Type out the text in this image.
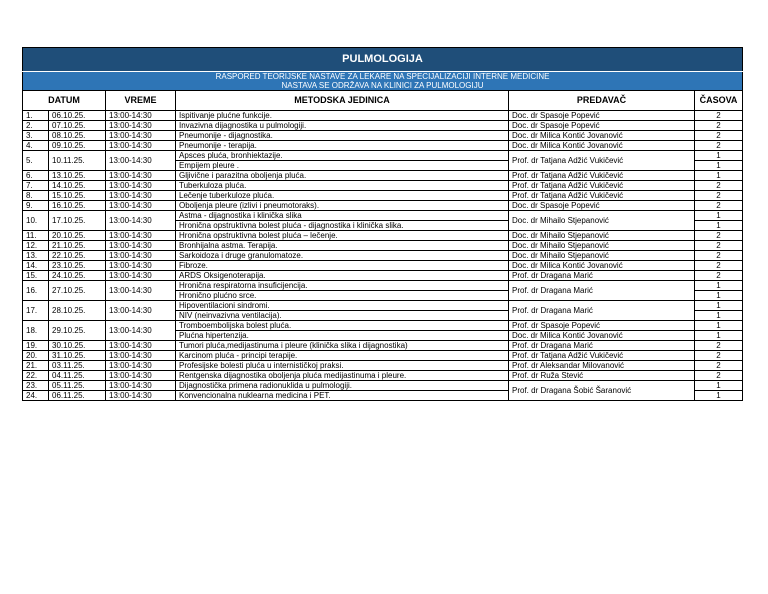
PULMOLOGIJA					
RASPORED TEORIJSKE NASTAVE ZA LEKARE NA SPECIJALIZACIJI INTERNE MEDICINE					
NASTAVA SE ODRŽAVA NA KLINICI ZA PULMOLOGIJU					
DATUM		VREME	METODSKA JEDINICA	PREDAVAČ	ČASOVA
1.	06.10.25.	13:00-14:30	Ispitivanje plućne funkcije.	Doc. dr Spasoje Popević	2
2.	07.10.25.	13:00-14:30	Invazivna dijagnostika u pulmologiji.	Doc. dr Spasoje Popević	2
3.	08.10.25.	13:00-14:30	Pneumonije - dijagnostika.	Doc. dr Milica Kontić Jovanović	2
4.	09.10.25.	13:00-14:30	Pneumonije - terapija.	Doc. dr Milica Kontić Jovanović	2
5.	10.11.25.	13:00-14:30	Apsces pluća, bronhiektazije.	Prof. dr Tatjana Adžić Vukičević	1
			Empijem pleure .		1
6.	13.10.25.	13:00-14:30	Gljivične i parazitna oboljenja pluća.	Prof. dr Tatjana Adžić Vukičević	1
7.	14.10.25.	13:00-14:30	Tuberkuloza pluća.	Prof. dr Tatjana Adžić Vukičević	2
8.	15.10.25.	13:00-14:30	Lečenje tuberkuloze pluća.	Prof. dr Tatjana Adžić Vukičević	2
9.	16.10.25.	13:00-14:30	Oboljenja pleure (izlivi i pneumotoraks).	Doc. dr Spasoje Popević	2
10.	17.10.25.	13:00-14:30	Astma - dijagnostika i klinička slika	Doc. dr Mihailo Stjepanović	1
			Hronična opstruktivna bolest pluća - dijagnostika i klinička slika.		1
11.	20.10.25.	13:00-14:30	Hronična opstruktivna bolest pluća – lečenje.	Doc. dr Mihailo Stjepanović	2
12.	21.10.25.	13:00-14:30	Bronhijalna astma. Terapija.	Doc. dr Mihailo Stjepanović	2
13.	22.10.25.	13:00-14:30	Sarkoidoza i druge granulomatoze.	Doc. dr Mihailo Stjepanović	2
14.	23.10.25.	13:00-14:30	Fibroze.	Doc. dr Milica Kontić Jovanović	2
15.	24.10.25.	13:00-14:30	ARDS Oksigenoterapija.	Prof. dr Dragana Marić	2
16.	27.10.25.	13:00-14:30	Hronična respiratorna insuficijencija.	Prof. dr Dragana Marić	1
			Hronično plućno srce.		1
17.	28.10.25.	13:00-14:30	Hipoventilacioni sindromi.	Prof. dr Dragana Marić	1
			NIV (neinvazivna ventilacija).		1
18.	29.10.25.	13:00-14:30	Tromboembolijska bolest pluća.	Prof. dr Spasoje Popević	1
			Plućna hipertenzija.	Doc. dr Milica Kontić Jovanović	1
19.	30.10.25.	13:00-14:30	Tumori pluća,medijastinuma i pleure (klinička slika i dijagnostika)	Prof. dr Dragana Marić	2
20.	31.10.25.	13:00-14:30	Karcinom pluća - principi terapije.	Prof. dr Tatjana Adžić Vukičević	2
21.	03.11.25.	13:00-14:30	Profesijske bolesti pluća u internističkoj praksi.	Prof. dr Aleksandar Milovanović	2
22.	04.11.25.	13:00-14:30	Rentgenska dijagnostika oboljenja pluća medijastinuma i pleure.	Prof. dr Ruža Stević	2
23.	05.11.25.	13:00-14:30	Dijagnostička primena radionuklida u pulmologiji.	Prof. dr Dragana Šobić Šaranović	1
24.	06.11.25.	13:00-14:30	Konvencionalna nuklearna medicina i PET.		1
